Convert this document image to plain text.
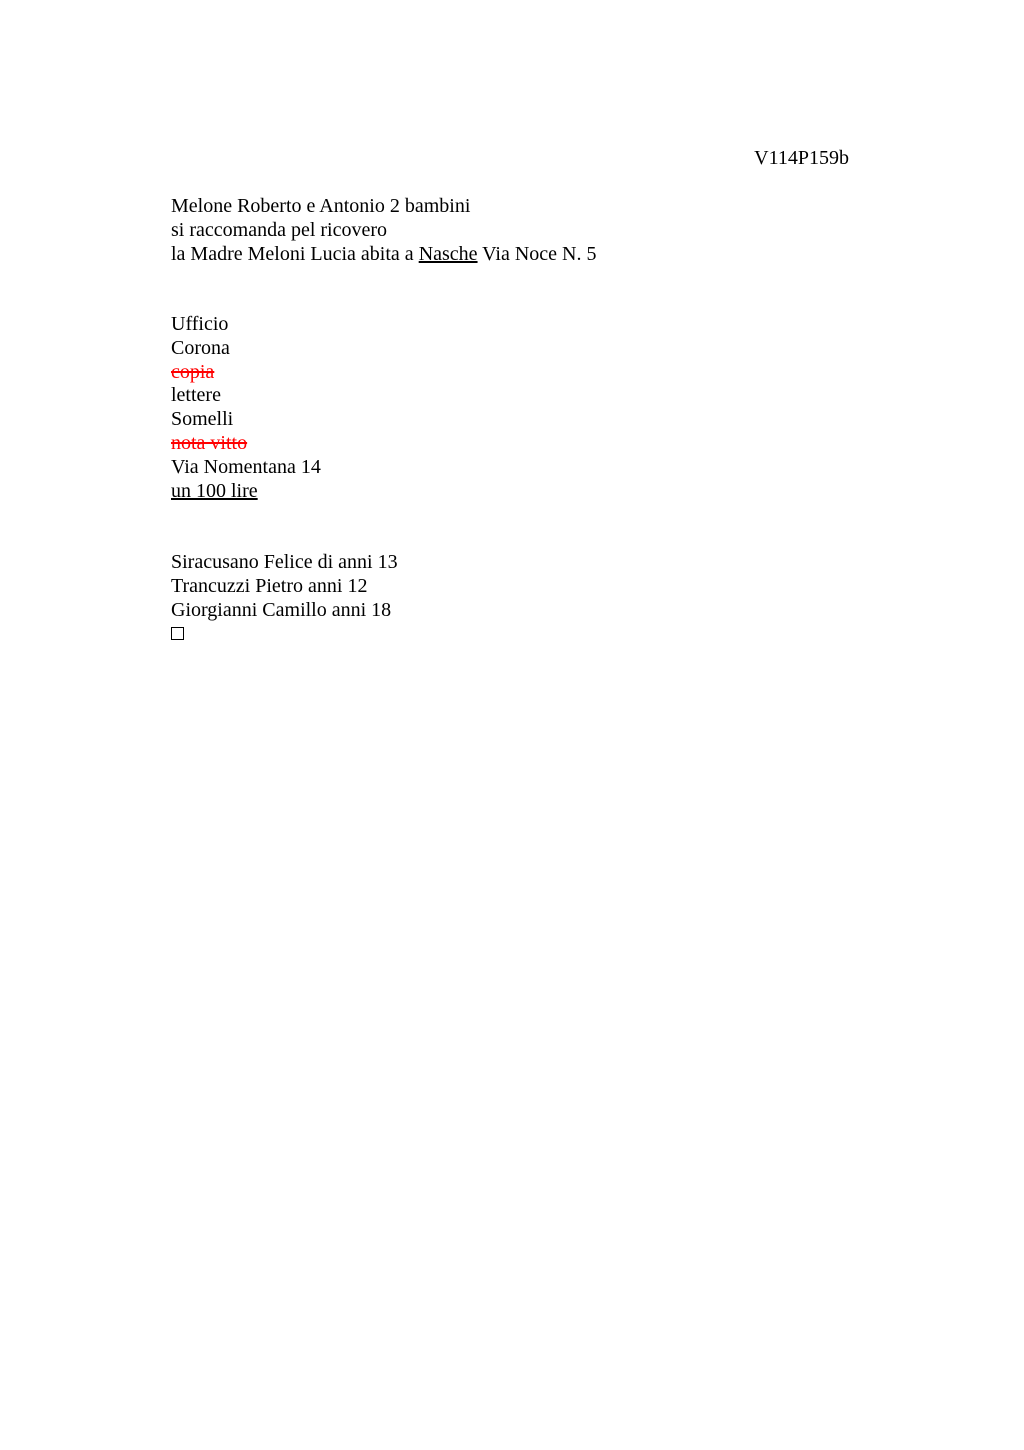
V114P159b

Melone Roberto e Antonio 2 bambini
si raccomanda pel ricovero
la Madre Meloni Lucia abita a Nasche Via Noce N. 5
Ufficio
Corona
copia
lettere
Somelli
nota vitto
Via Nomentana 14
un 100 lire
Siracusano Felice di anni 13
Trancuzzi Pietro anni 12
Giorgianni Camillo anni 18
